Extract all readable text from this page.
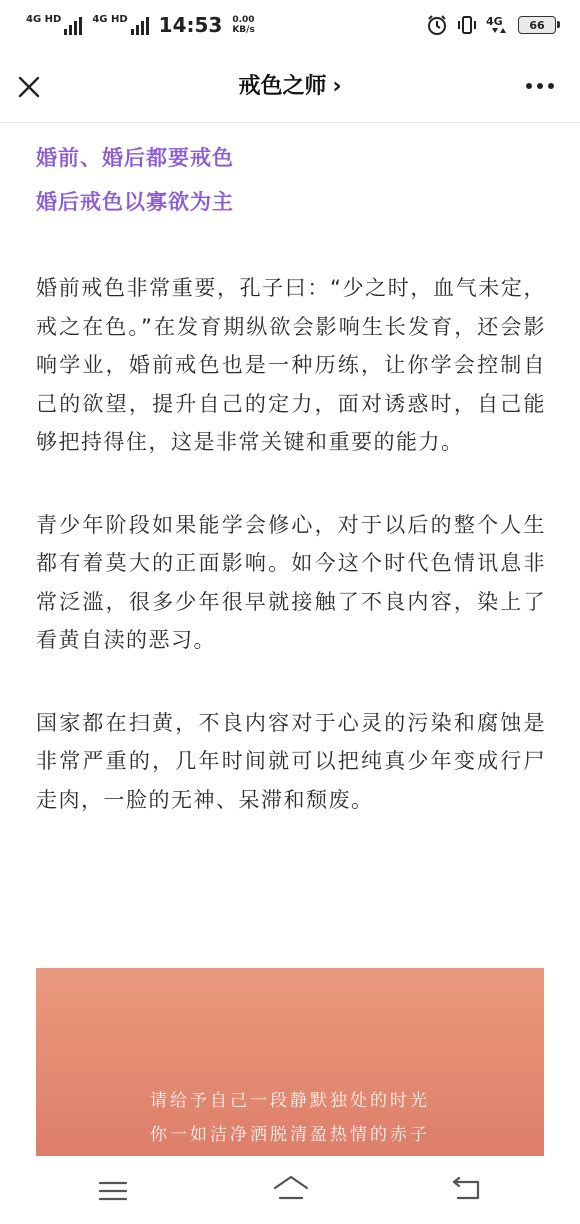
4G HD	4G HD 14:53 0.00
KB/s
4G 66
戒色之师 ›

婚前、婚后都要戒色

婚后戒色以寡欲为主

婚前戒色非常重要，孔子曰：“少之时，血气未定，戒之在色。”在发育期纵欲会影响生长发育，还会影响学业，婚前戒色也是一种历练，让你学会控制自己的欲望，提升自己的定力，面对诱惑时，自己能够把持得住，这是非常关键和重要的能力。

青少年阶段如果能学会修心，对于以后的整个人生都有着莫大的正面影响。如今这个时代色情讯息非常泛滥，很多少年很早就接触了不良内容，染上了看黄自渎的恶习。

国家都在扫黄，不良内容对于心灵的污染和腐蚀是非常严重的，几年时间就可以把纯真少年变成行尸走肉，一脸的无神、呆滞和颓废。

请给予自己一段静默独处的时光
你一如洁净洒脱清盈热情的赤子
